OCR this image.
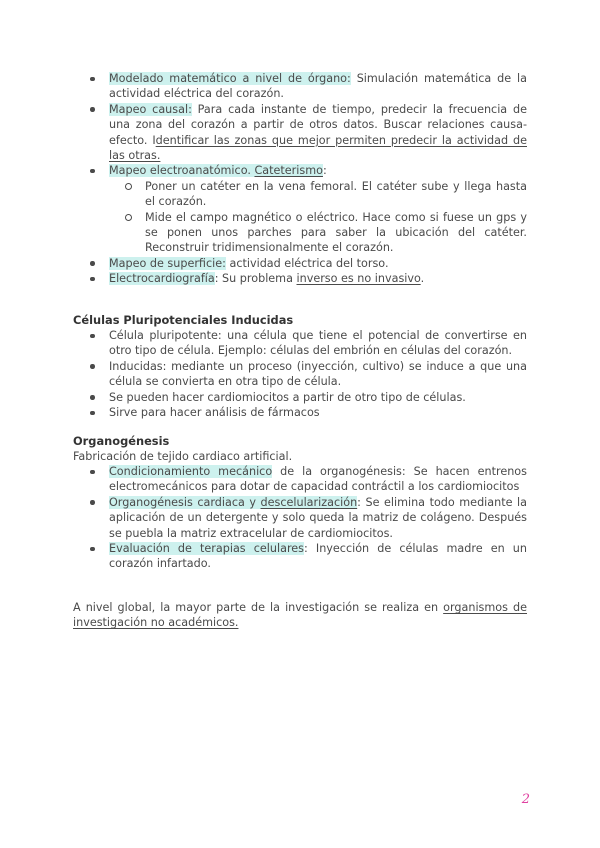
Modelado matemático a nivel de órgano: Simulación matemática de la actividad eléctrica del corazón.
Mapeo causal: Para cada instante de tiempo, predecir la frecuencia de una zona del corazón a partir de otros datos. Buscar relaciones causa-efecto. Identificar las zonas que mejor permiten predecir la actividad de las otras.
Mapeo electroanatómico. Cateterismo:
Poner un catéter en la vena femoral. El catéter sube y llega hasta el corazón.
Mide el campo magnético o eléctrico. Hace como si fuese un gps y se ponen unos parches para saber la ubicación del catéter. Reconstruir tridimensionalmente el corazón.
Mapeo de superficie: actividad eléctrica del torso.
Electrocardiografía: Su problema inverso es no invasivo.
Células Pluripotenciales Inducidas
Célula pluripotente: una célula que tiene el potencial de convertirse en otro tipo de célula. Ejemplo: células del embrión en células del corazón.
Inducidas: mediante un proceso (inyección, cultivo) se induce a que una célula se convierta en otra tipo de célula.
Se pueden hacer cardiomiocitos a partir de otro tipo de células.
Sirve para hacer análisis de fármacos
Organogénesis
Fabricación de tejido cardiaco artificial.
Condicionamiento mecánico de la organogénesis: Se hacen entrenos electromecánicos para dotar de capacidad contráctil a los cardiomiocitos
Organogénesis cardiaca y descelularización: Se elimina todo mediante la aplicación de un detergente y solo queda la matriz de colágeno. Después se puebla la matriz extracelular de cardiomiocitos.
Evaluación de terapias celulares: Inyección de células madre en un corazón infartado.
A nivel global, la mayor parte de la investigación se realiza en organismos de investigación no académicos.
2
